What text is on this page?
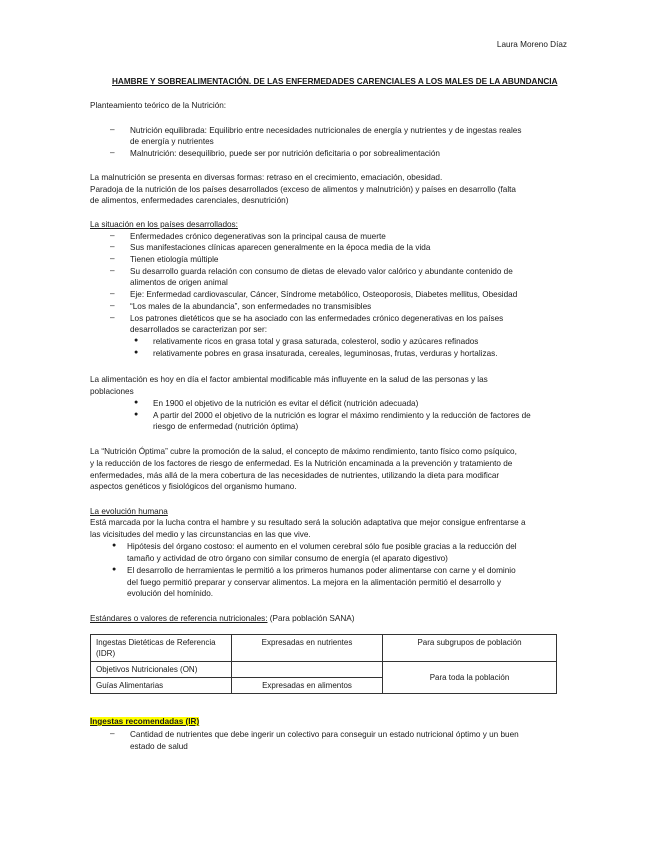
Laura Moreno Díaz
HAMBRE Y SOBREALIMENTACIÓN. DE LAS ENFERMEDADES CARENCIALES A LOS MALES DE LA ABUNDANCIA
Planteamiento teórico de la Nutrición:
– Nutrición equilibrada: Equilibrio entre necesidades nutricionales de energía y nutrientes y de ingestas reales
de energía y nutrientes
– Malnutrición: desequilibrio, puede ser por nutrición deficitaria o por sobrealimentación
La malnutrición se presenta en diversas formas: retraso en el crecimiento, emaciación, obesidad.
Paradoja de la nutrición de los países desarrollados (exceso de alimentos y malnutrición) y países en desarrollo (falta
de alimentos, enfermedades carenciales, desnutrición)
La situación en los países desarrollados:
– Enfermedades crónico degenerativas son la principal causa de muerte
– Sus manifestaciones clínicas aparecen generalmente en la época media de la vida
– Tienen etiología múltiple
– Su desarrollo guarda relación con consumo de dietas de elevado valor calórico y abundante contenido de
alimentos de origen animal
– Eje: Enfermedad cardiovascular, Cáncer, Síndrome metabólico, Osteoporosis, Diabetes mellitus, Obesidad
– “Los males de la abundancia”, son enfermedades no transmisibles
– Los patrones dietéticos que se ha asociado con las enfermedades crónico degenerativas en los países
desarrollados se caracterizan por ser:
● relativamente ricos en grasa total y grasa saturada, colesterol, sodio y azúcares refinados
● relativamente pobres en grasa insaturada, cereales, leguminosas, frutas, verduras y hortalizas.
La alimentación es hoy en día el factor ambiental modificable más influyente en la salud de las personas y las
poblaciones
● En 1900 el objetivo de la nutrición es evitar el déficit (nutrición adecuada)
● A partir del 2000 el objetivo de la nutrición es lograr el máximo rendimiento y la reducción de factores de
riesgo de enfermedad (nutrición óptima)
La “Nutrición Óptima” cubre la promoción de la salud, el concepto de máximo rendimiento, tanto físico como psíquico,
y la reducción de los factores de riesgo de enfermedad. Es la Nutrición encaminada a la prevención y tratamiento de
enfermedades, más allá de la mera cobertura de las necesidades de nutrientes, utilizando la dieta para modificar
aspectos genéticos y fisiológicos del organismo humano.
La evolución humana
Está marcada por la lucha contra el hambre y su resultado será la solución adaptativa que mejor consigue enfrentarse a
las vicisitudes del medio y las circunstancias en las que vive.
● Hipótesis del órgano costoso: el aumento en el volumen cerebral sólo fue posible gracias a la reducción del
tamaño y actividad de otro órgano con similar consumo de energía (el aparato digestivo)
● El desarrollo de herramientas le permitió a los primeros humanos poder alimentarse con carne y el dominio
del fuego permitió preparar y conservar alimentos. La mejora en la alimentación permitió el desarrollo y
evolución del homínido.
Estándares o valores de referencia nutricionales: (Para población SANA)
Ingestas Dietéticas de Referencia (IDR)	Expresadas en nutrientes	Para subgrupos de población
Objetivos Nutricionales (ON)		Para toda la población
Guías Alimentarias	Expresadas en alimentos	
Ingestas recomendadas (IR)
– Cantidad de nutrientes que debe ingerir un colectivo para conseguir un estado nutricional óptimo y un buen
estado de salud
